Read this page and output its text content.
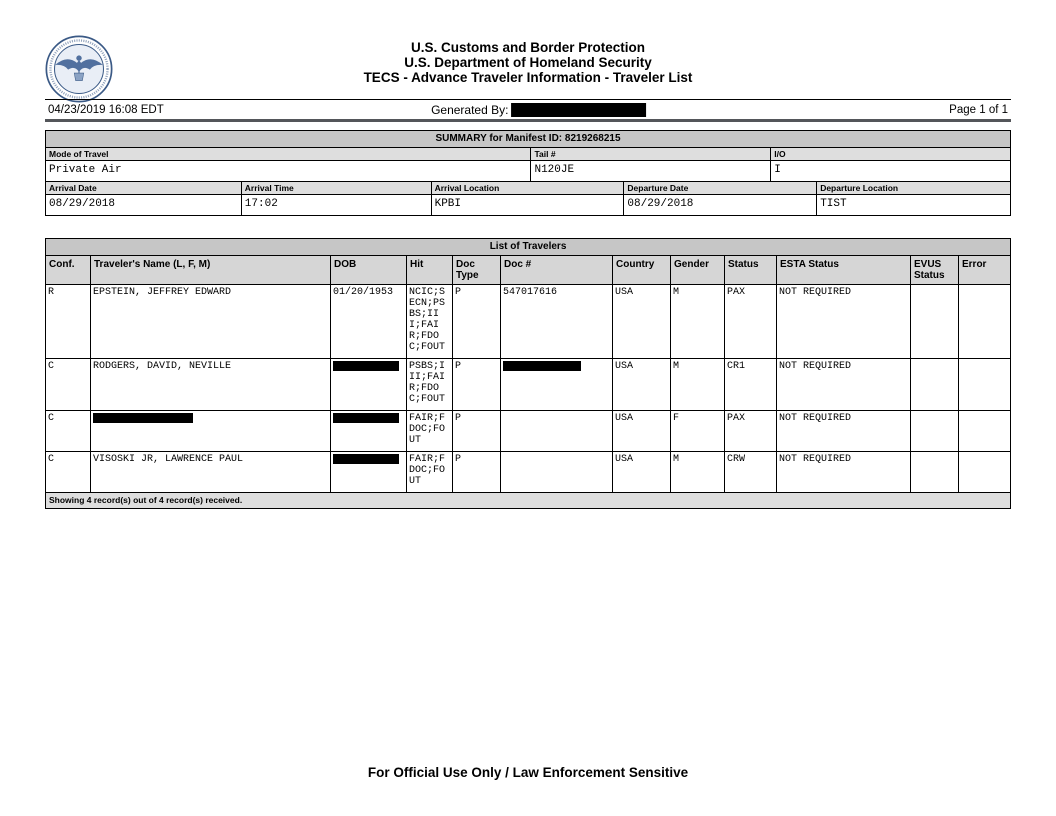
U.S. Customs and Border Protection
U.S. Department of Homeland Security
TECS - Advance Traveler Information - Traveler List
04/23/2019 16:08 EDT	Generated By:	Page 1 of 1
SUMMARY for Manifest ID: 8219268215
Mode of Travel	Tail #	I/O
Private Air	N120JE	I
Arrival Date	Arrival Time	Arrival Location	Departure Date	Departure Location
08/29/2018	17:02	KPBI	08/29/2018	TIST
List of Travelers											
Conf.	Traveler's Name (L, F, M)	DOB	Hit	Doc Type	Doc #	Country	Gender	Status	ESTA Status	EVUS Status	Error
R	EPSTEIN, JEFFREY EDWARD	01/20/1953	NCIC;SECN;PSBS;III;FAIR;FDOC;FOUT	P	547017616	USA	M	PAX	NOT REQUIRED		
C	RODGERS, DAVID, NEVILLE		PSBS;III;FAIR;FDOC;FOUT	P		USA	M	CR1	NOT REQUIRED		
C			FAIR;FDOC;FOUT	P		USA	F	PAX	NOT REQUIRED		
C	VISOSKI JR, LAWRENCE PAUL		FAIR;FDOC;FOUT	P		USA	M	CRW	NOT REQUIRED		
Showing 4 record(s) out of 4 record(s) received.											
For Official Use Only / Law Enforcement Sensitive
